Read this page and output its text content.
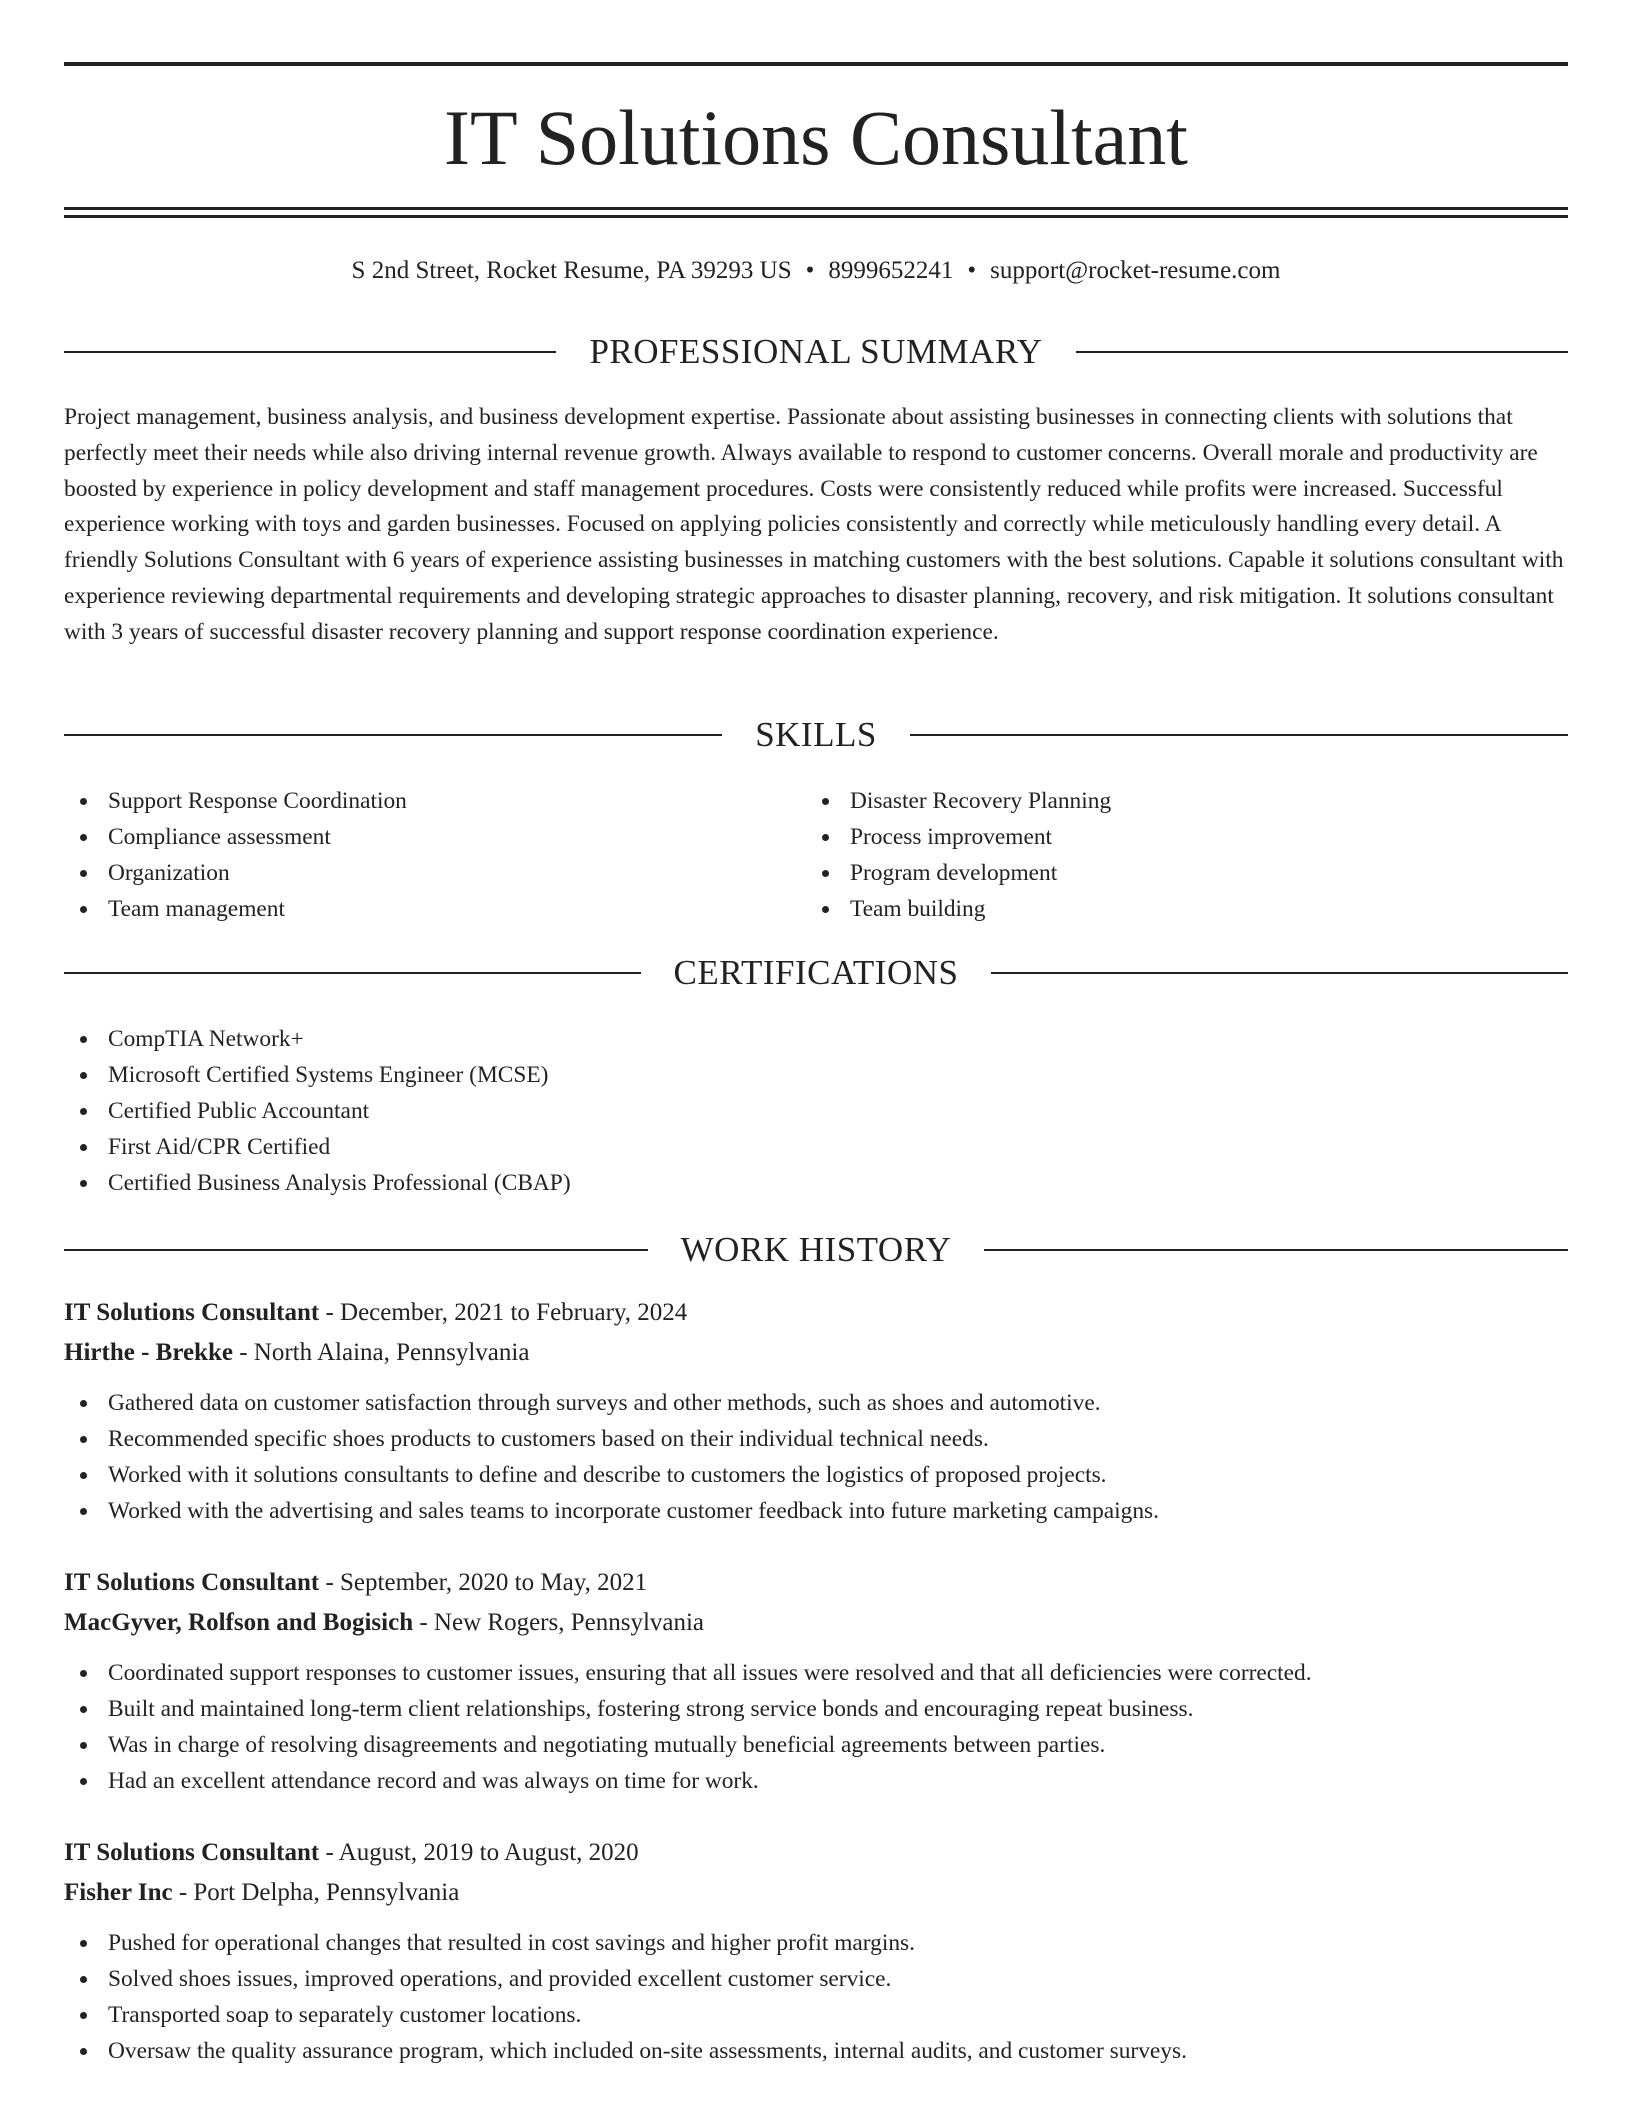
IT Solutions Consultant
S 2nd Street, Rocket Resume, PA 39293 US • 8999652241 • support@rocket-resume.com
PROFESSIONAL SUMMARY

Project management, business analysis, and business development expertise. Passionate about assisting businesses in connecting clients with solutions that perfectly meet their needs while also driving internal revenue growth. Always available to respond to customer concerns. Overall morale and productivity are boosted by experience in policy development and staff management procedures. Costs were consistently reduced while profits were increased. Successful experience working with toys and garden businesses. Focused on applying policies consistently and correctly while meticulously handling every detail. A friendly Solutions Consultant with 6 years of experience assisting businesses in matching customers with the best solutions. Capable it solutions consultant with experience reviewing departmental requirements and developing strategic approaches to disaster planning, recovery, and risk mitigation. It solutions consultant with 3 years of successful disaster recovery planning and support response coordination experience.

SKILLS
Support Response Coordination
Compliance assessment
Organization
Team management
Disaster Recovery Planning
Process improvement
Program development
Team building
CERTIFICATIONS
CompTIA Network+
Microsoft Certified Systems Engineer (MCSE)
Certified Public Accountant
First Aid/CPR Certified
Certified Business Analysis Professional (CBAP)
WORK HISTORY
IT Solutions Consultant - December, 2021 to February, 2024
Hirthe - Brekke - North Alaina, Pennsylvania
Gathered data on customer satisfaction through surveys and other methods, such as shoes and automotive.
Recommended specific shoes products to customers based on their individual technical needs.
Worked with it solutions consultants to define and describe to customers the logistics of proposed projects.
Worked with the advertising and sales teams to incorporate customer feedback into future marketing campaigns.
IT Solutions Consultant - September, 2020 to May, 2021
MacGyver, Rolfson and Bogisich - New Rogers, Pennsylvania
Coordinated support responses to customer issues, ensuring that all issues were resolved and that all deficiencies were corrected.
Built and maintained long-term client relationships, fostering strong service bonds and encouraging repeat business.
Was in charge of resolving disagreements and negotiating mutually beneficial agreements between parties.
Had an excellent attendance record and was always on time for work.
IT Solutions Consultant - August, 2019 to August, 2020
Fisher Inc - Port Delpha, Pennsylvania
Pushed for operational changes that resulted in cost savings and higher profit margins.
Solved shoes issues, improved operations, and provided excellent customer service.
Transported soap to separately customer locations.
Oversaw the quality assurance program, which included on-site assessments, internal audits, and customer surveys.
